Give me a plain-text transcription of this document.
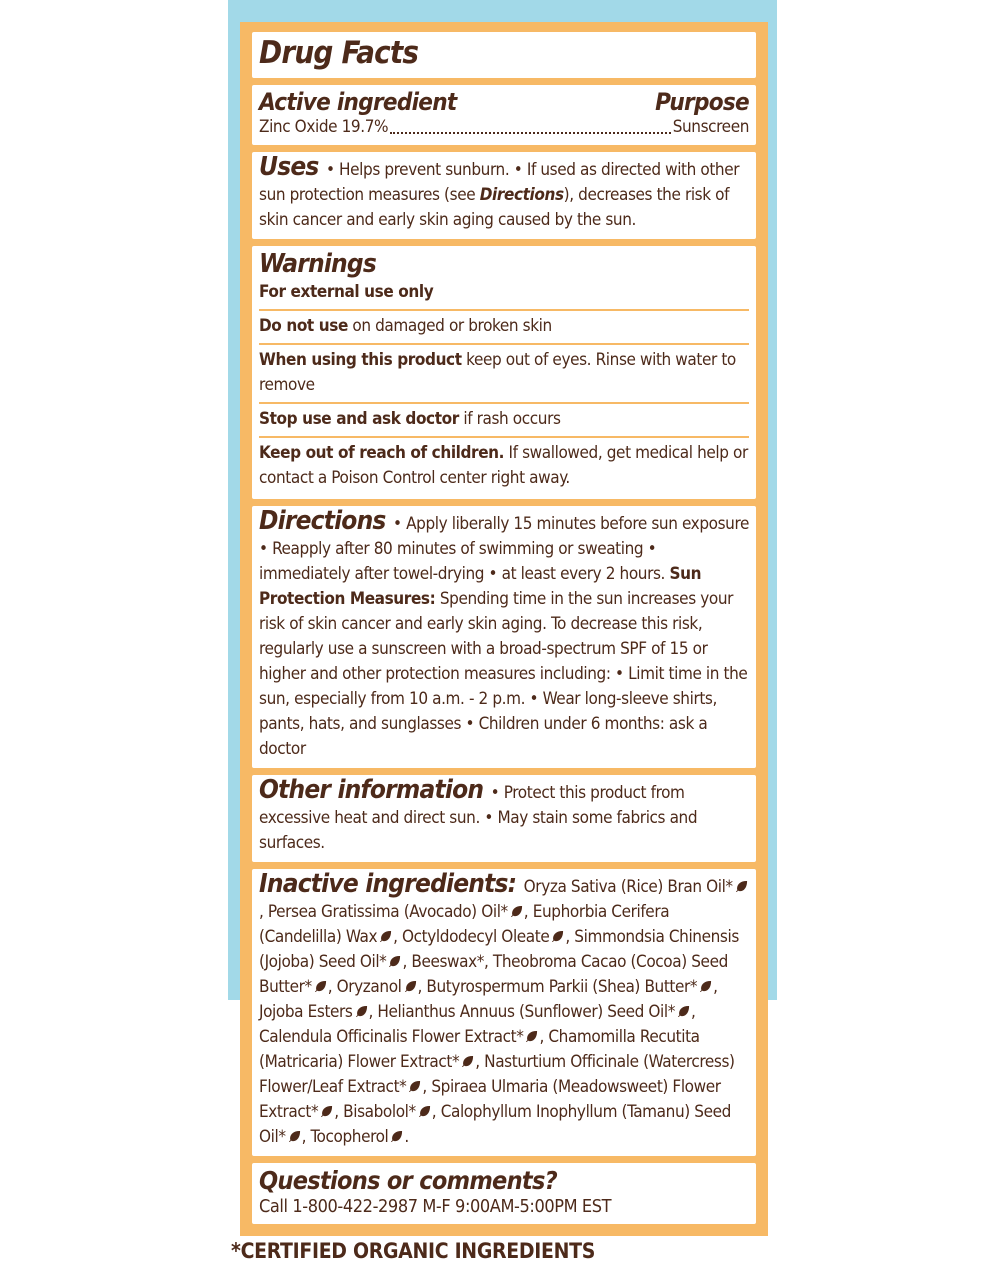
Drug Facts
Active ingredient	Purpose
Zinc Oxide 19.7%	Sunscreen
Uses • Helps prevent sunburn. • If used as directed with other sun protection measures (see Directions), decreases the risk of skin cancer and early skin aging caused by the sun.
Warnings
For external use only
Do not use on damaged or broken skin
When using this product keep out of eyes. Rinse with water to remove
Stop use and ask doctor if rash occurs
Keep out of reach of children. If swallowed, get medical help or contact a Poison Control center right away.
Directions • Apply liberally 15 minutes before sun exposure • Reapply after 80 minutes of swimming or sweating • immediately after towel-drying • at least every 2 hours. Sun Protection Measures: Spending time in the sun increases your risk of skin cancer and early skin aging. To decrease this risk, regularly use a sunscreen with a broad-spectrum SPF of 15 or higher and other protection measures including: • Limit time in the sun, especially from 10 a.m. - 2 p.m. • Wear long-sleeve shirts, pants, hats, and sunglasses • Children under 6 months: ask a doctor
Other information • Protect this product from excessive heat and direct sun. • May stain some fabrics and surfaces.
Inactive ingredients: Oryza Sativa (Rice) Bran Oil*, Persea Gratissima (Avocado) Oil* , Euphorbia Cerifera (Candelilla) Wax , Octyldodecyl Oleate , Simmondsia Chinensis (Jojoba) Seed Oil* , Beeswax*, Theobroma Cacao (Cocoa) Seed Butter* , Oryzanol , Butyrospermum Parkii (Shea) Butter* , Jojoba Esters , Helianthus Annuus (Sunflower) Seed Oil* , Calendula Officinalis Flower Extract* , Chamomilla Recutita (Matricaria) Flower Extract* , Nasturtium Officinale (Watercress) Flower/Leaf Extract* , Spiraea Ulmaria (Meadowsweet) Flower Extract* , Bisabolol* , Calophyllum Inophyllum (Tamanu) Seed Oil* , Tocopherol .
Questions or comments?
Call 1-800-422-2987 M-F 9:00AM-5:00PM EST
*CERTIFIED ORGANIC INGREDIENTS
